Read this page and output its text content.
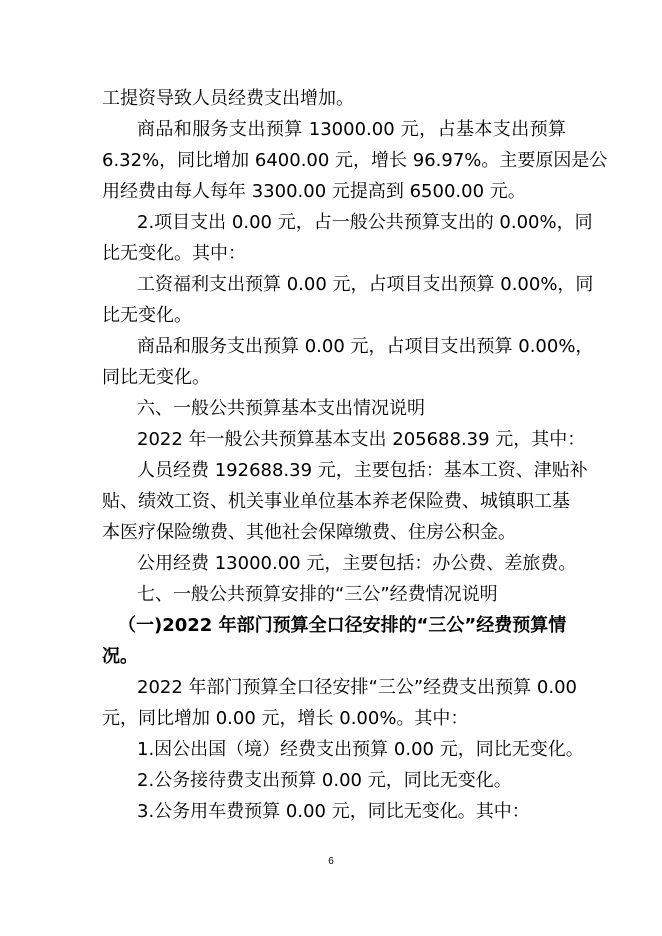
工提资导致人员经费支出增加。
商品和服务支出预算 13000.00 元，占基本支出预算
6.32%，同比增加 6400.00 元，增长 96.97%。主要原因是公
用经费由每人每年 3300.00 元提高到 6500.00 元。
2.项目支出 0.00 元，占一般公共预算支出的 0.00%，同
比无变化。其中：
工资福利支出预算 0.00 元，占项目支出预算 0.00%，同
比无变化。
商品和服务支出预算 0.00 元，占项目支出预算 0.00%，
同比无变化。
六、一般公共预算基本支出情况说明
2022 年一般公共预算基本支出 205688.39 元，其中：
人员经费 192688.39 元，主要包括：基本工资、津贴补
贴、绩效工资、机关事业单位基本养老保险费、城镇职工基
本医疗保险缴费、其他社会保障缴费、住房公积金。
公用经费 13000.00 元，主要包括：办公费、差旅费。
七、一般公共预算安排的“三公”经费情况说明
（一)2022 年部门预算全口径安排的“三公”经费预算情
况。
2022 年部门预算全口径安排“三公”经费支出预算 0.00
元，同比增加 0.00 元，增长 0.00%。其中：
1.因公出国（境）经费支出预算 0.00 元，同比无变化。
2.公务接待费支出预算 0.00 元，同比无变化。
3.公务用车费预算 0.00 元，同比无变化。其中：
6
